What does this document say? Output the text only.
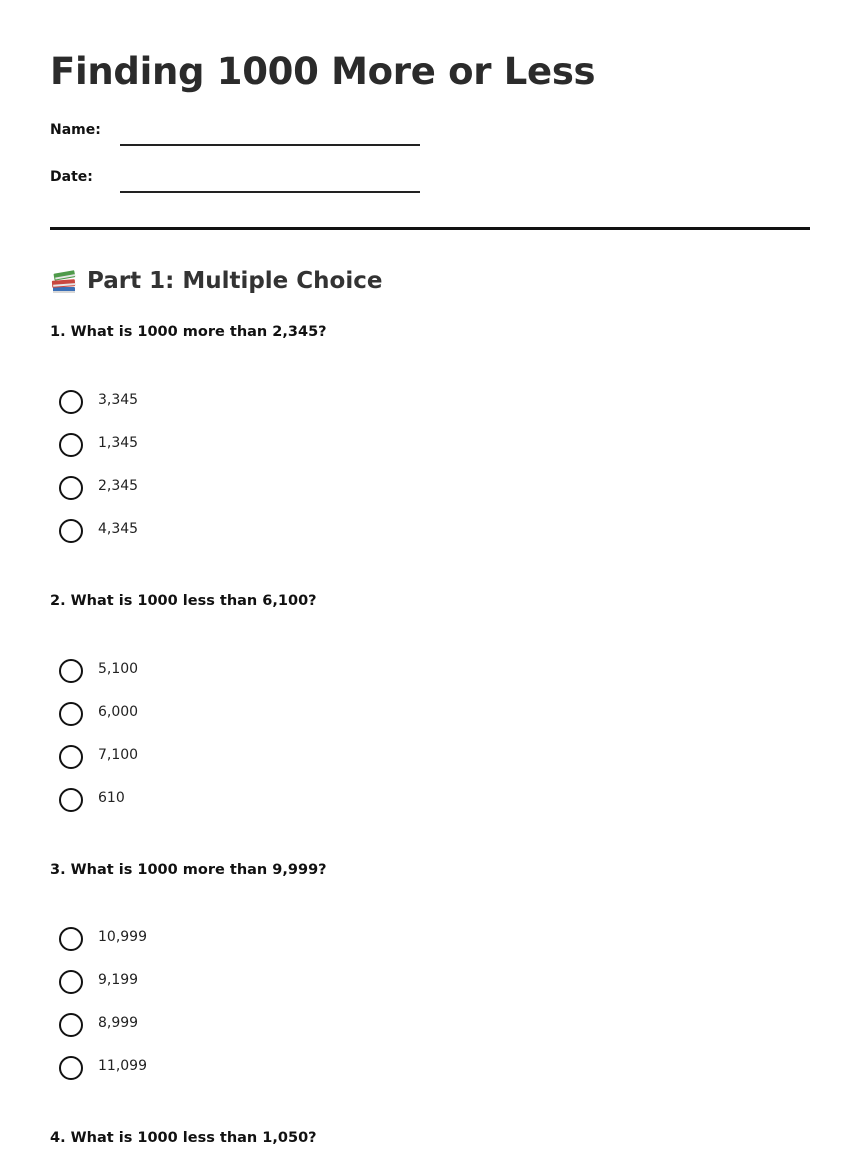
Finding 1000 More or Less
Name:
Date:
Part 1: Multiple Choice
1. What is 1000 more than 2,345?
3,345
1,345
2,345
4,345
2. What is 1000 less than 6,100?
5,100
6,000
7,100
610
3. What is 1000 more than 9,999?
10,999
9,199
8,999
11,099
4. What is 1000 less than 1,050?
